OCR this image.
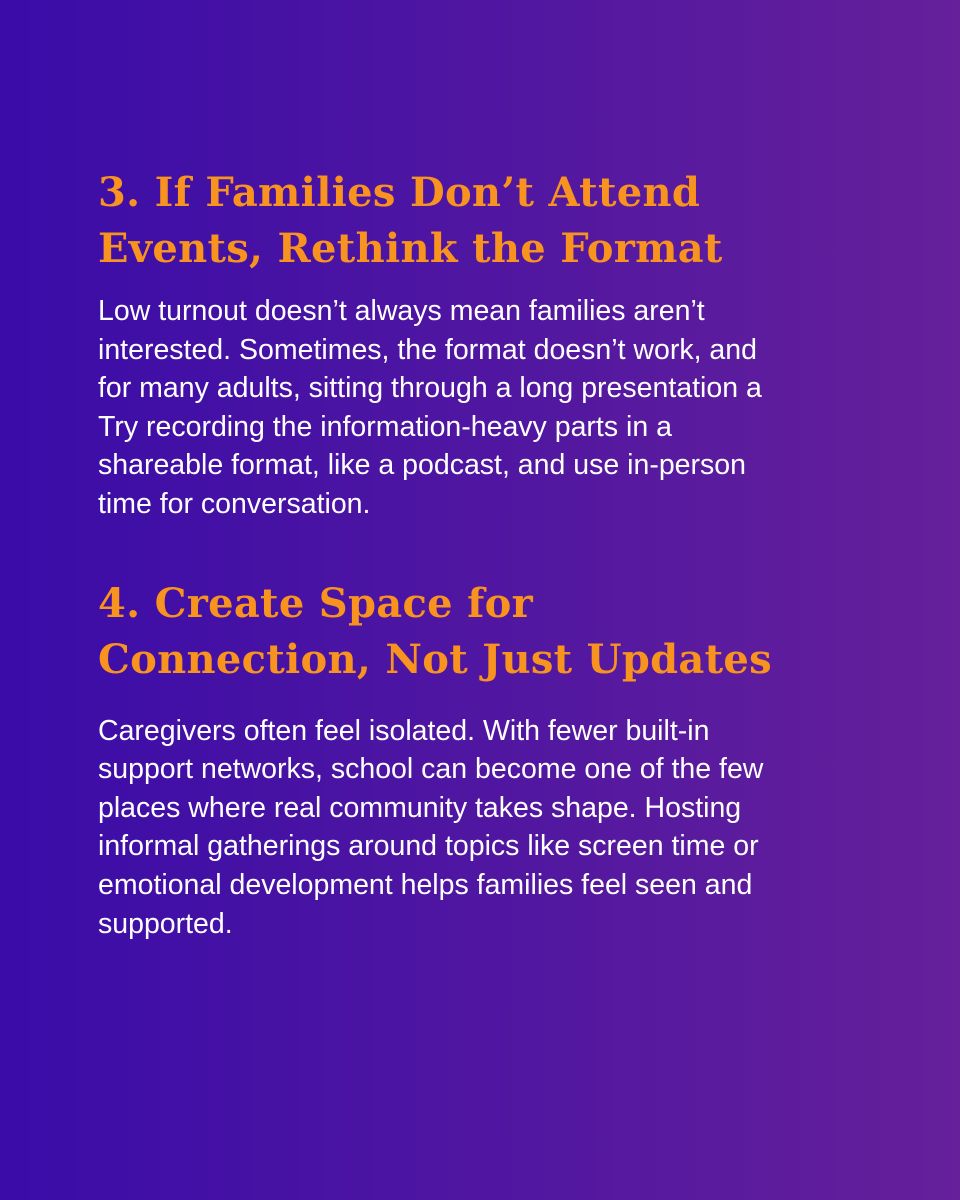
3. If Families Don’t Attend
Events, Rethink the Format

Low turnout doesn’t always mean families aren’t
interested. Sometimes, the format doesn’t work, and
for many adults, sitting through a long presentation a
Try recording the information-heavy parts in a
shareable format, like a podcast, and use in-person
time for conversation.

4. Create Space for
Connection, Not Just Updates

Caregivers often feel isolated. With fewer built-in
support networks, school can become one of the few
places where real community takes shape. Hosting
informal gatherings around topics like screen time or
emotional development helps families feel seen and
supported.
